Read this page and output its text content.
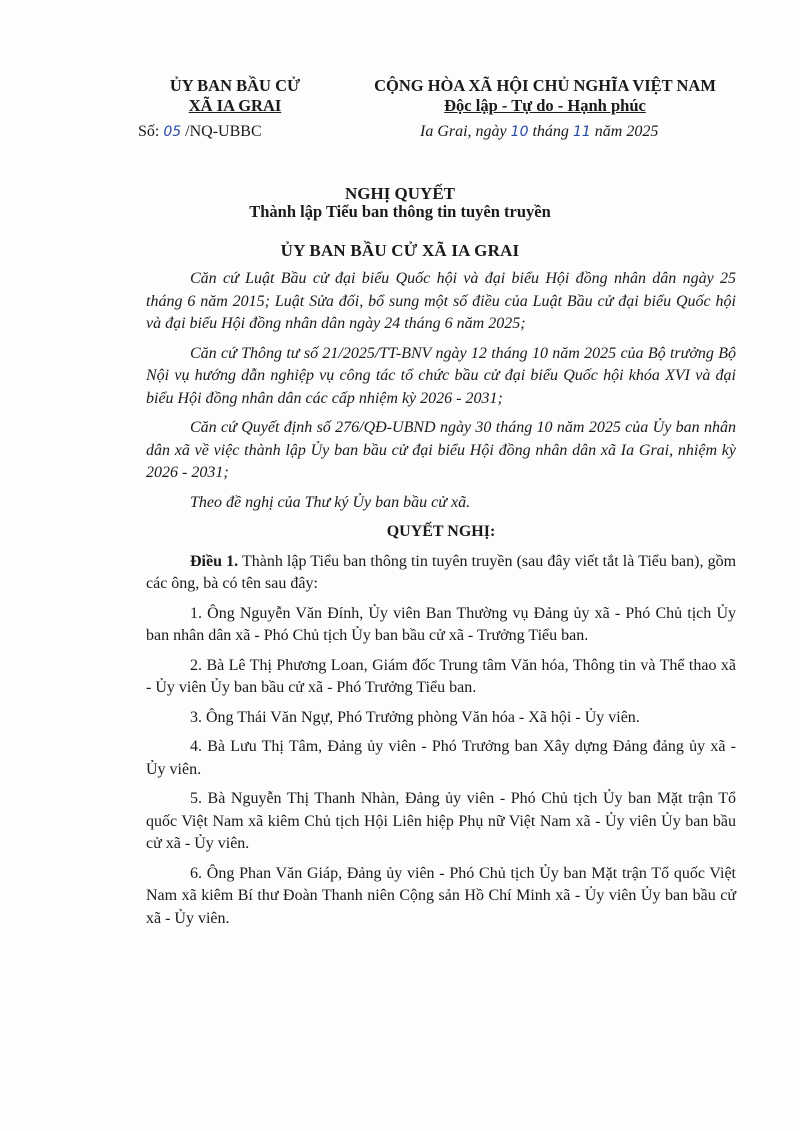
ỦY BAN BẦU CỬ
XÃ IA GRAI
CỘNG HÒA XÃ HỘI CHỦ NGHĨA VIỆT NAM
Độc lập - Tự do - Hạnh phúc
Số: 05 /NQ-UBBC	Ia Grai, ngày 10 tháng 11 năm 2025
NGHỊ QUYẾT
Thành lập Tiểu ban thông tin tuyên truyền
ỦY BAN BẦU CỬ XÃ IA GRAI

Căn cứ Luật Bầu cử đại biểu Quốc hội và đại biểu Hội đồng nhân dân ngày 25 tháng 6 năm 2015; Luật Sửa đổi, bổ sung một số điều của Luật Bầu cử đại biểu Quốc hội và đại biểu Hội đồng nhân dân ngày 24 tháng 6 năm 2025;

Căn cứ Thông tư số 21/2025/TT-BNV ngày 12 tháng 10 năm 2025 của Bộ trưởng Bộ Nội vụ hướng dẫn nghiệp vụ công tác tổ chức bầu cử đại biểu Quốc hội khóa XVI và đại biểu Hội đồng nhân dân các cấp nhiệm kỳ 2026 - 2031;

Căn cứ Quyết định số 276/QĐ-UBND ngày 30 tháng 10 năm 2025 của Ủy ban nhân dân xã về việc thành lập Ủy ban bầu cử đại biểu Hội đồng nhân dân xã Ia Grai, nhiệm kỳ 2026 - 2031;

Theo đề nghị của Thư ký Ủy ban bầu cử xã.

QUYẾT NGHỊ:

Điều 1. Thành lập Tiểu ban thông tin tuyên truyền (sau đây viết tắt là Tiểu ban), gồm các ông, bà có tên sau đây:

1. Ông Nguyễn Văn Đính, Ủy viên Ban Thường vụ Đảng ủy xã - Phó Chủ tịch Ủy ban nhân dân xã - Phó Chủ tịch Ủy ban bầu cử xã - Trưởng Tiểu ban.

2. Bà Lê Thị Phương Loan, Giám đốc Trung tâm Văn hóa, Thông tin và Thể thao xã - Ủy viên Ủy ban bầu cử xã - Phó Trưởng Tiểu ban.

3. Ông Thái Văn Ngự, Phó Trưởng phòng Văn hóa - Xã hội - Ủy viên.

4. Bà Lưu Thị Tâm, Đảng ủy viên - Phó Trưởng ban Xây dựng Đảng đảng ủy xã - Ủy viên.

5. Bà Nguyễn Thị Thanh Nhàn, Đảng ủy viên - Phó Chủ tịch Ủy ban Mặt trận Tổ quốc Việt Nam xã kiêm Chủ tịch Hội Liên hiệp Phụ nữ Việt Nam xã - Ủy viên Ủy ban bầu cử xã - Ủy viên.

6. Ông Phan Văn Giáp, Đảng ủy viên - Phó Chủ tịch Ủy ban Mặt trận Tổ quốc Việt Nam xã kiêm Bí thư Đoàn Thanh niên Cộng sản Hồ Chí Minh xã - Ủy viên Ủy ban bầu cử xã - Ủy viên.
